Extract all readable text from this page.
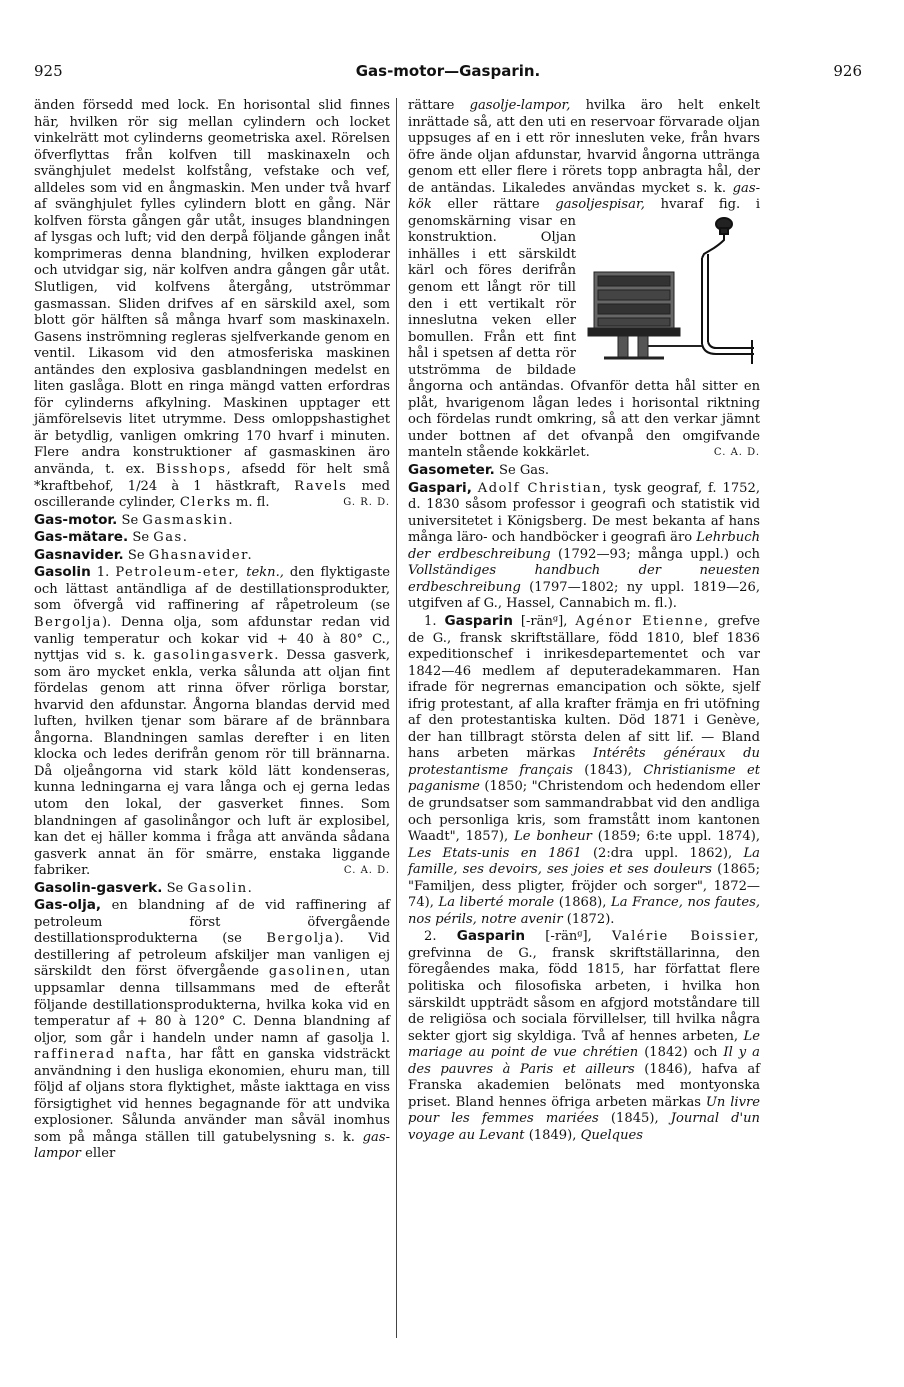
925	Gas-motor—Gasparin.	926

änden försedd med lock. En horisontal slid finnes här, hvilken rör sig mellan cylindern och locket vinkelrätt mot cylinderns geometriska axel. Rörelsen öfverflyttas från kolfven till maskinaxeln och svänghjulet medelst kolfstång, vefstake och vef, alldeles som vid en ångmaskin. Men under två hvarf af svänghjulet fylles cylindern blott en gång. När kolfven första gången går utåt, insuges blandningen af lysgas och luft; vid den derpå följande gången inåt komprimeras denna blandning, hvilken exploderar och utvidgar sig, när kolfven andra gången går utåt. Slutligen, vid kolfvens återgång, utströmmar gasmassan. Sliden drifves af en särskild axel, som blott gör hälften så många hvarf som maskinaxeln. Gasens inströmning regleras sjelfverkande genom en ventil. Likasom vid den atmosferiska maskinen antändes den explosiva gasblandningen medelst en liten gaslåga. Blott en ringa mängd vatten erfordras för cylinderns afkylning. Maskinen upptager ett jämförelsevis litet utrymme. Dess omloppshastighet är betydlig, vanligen omkring 170 hvarf i minuten. Flere andra konstruktioner af gasmaskinen äro använda, t. ex. Bisshops, afsedd för helt små *kraftbehof, 1/24 à 1 hästkraft, Ravels med oscillerande cylinder, Clerks m. fl.	G. R. D.

Gas-motor. Se Gasmaskin.

Gas-mätare. Se Gas.

Gasnavider. Se Ghasnavider.

Gasolin 1. Petroleum-eter, tekn., den flyktigaste och lättast antändliga af de destillationsprodukter, som öfvergå vid raffinering af råpetroleum (se Bergolja). Denna olja, som afdunstar redan vid vanlig temperatur och kokar vid + 40 à 80° C., nyttjas vid s. k. gasolingasverk. Dessa gasverk, som äro mycket enkla, verka sålunda att oljan fint fördelas genom att rinna öfver rörliga borstar, hvarvid den afdunstar. Ångorna blandas dervid med luften, hvilken tjenar som bärare af de brännbara ångorna. Blandningen samlas derefter i en liten klocka och ledes derifrån genom rör till brännarna. Då oljeångorna vid stark köld lätt kondenseras, kunna ledningarna ej vara långa och ej gerna ledas utom den lokal, der gasverket finnes. Som blandningen af gasolinångor och luft är explosibel, kan det ej häller komma i fråga att använda sådana gasverk annat än för smärre, enstaka liggande fabriker.	C. A. D.

Gasolin-gasverk. Se Gasolin.

Gas-olja, en blandning af de vid raffinering af petroleum först öfvergående destillationsprodukterna (se Bergolja). Vid destillering af petroleum afskiljer man vanligen ej särskildt den först öfvergående gasolinen, utan uppsamlar denna tillsammans med de efteråt följande destillationsprodukterna, hvilka koka vid en temperatur af + 80 à 120° C. Denna blandning af oljor, som går i handeln under namn af gasolja l. raffinerad nafta, har fått en ganska vidsträckt användning i den husliga ekonomien, ehuru man, till följd af oljans stora flyktighet, måste iakttaga en viss försigtighet vid hennes begagnande för att undvika explosioner. Sålunda använder man såväl inomhus som på många ställen till gatubelysning s. k. gas-lampor eller

rättare gasolje-lampor, hvilka äro helt enkelt inrättade så, att den uti en reservoar förvarade oljan uppsuges af en i ett rör innesluten veke, från hvars öfre ände oljan afdunstar, hvarvid ångorna uttränga genom ett eller flere i rörets topp anbragta hål, der de antändas. Likaledes användas mycket s. k. gas-kök eller rättare gasoljespisar, hvaraf fig. i genomskärning visar en konstruktion. Oljan inhälles i ett särskildt kärl och föres derifrån genom ett långt rör till den i ett vertikalt rör inneslutna veken eller bomullen. Från ett fint hål i spetsen af detta rör utströmma de bildade ångorna och antändas. Ofvanför detta hål sitter en plåt, hvarigenom lågan ledes i horisontal riktning och fördelas rundt omkring, så att den verkar jämnt under bottnen af det ofvanpå den omgifvande manteln stående kokkärlet.	C. A. D.

Gasometer. Se Gas.

Gaspari, Adolf Christian, tysk geograf, f. 1752, d. 1830 såsom professor i geografi och statistik vid universitetet i Königsberg. De mest bekanta af hans många läro- och handböcker i geografi äro Lehrbuch der erdbeschreibung (1792—93; många uppl.) och Vollständiges handbuch der neuesten erdbeschreibung (1797—1802; ny uppl. 1819—26, utgifven af G., Hassel, Cannabich m. fl.).

1. Gasparin [-ränᵍ], Agénor Etienne, grefve de G., fransk skriftställare, född 1810, blef 1836 expeditionschef i inrikesdepartementet och var 1842—46 medlem af deputeradekammaren. Han ifrade för negrernas emancipation och sökte, sjelf ifrig protestant, af alla krafter främja en fri utöfning af den protestantiska kulten. Död 1871 i Genève, der han tillbragt största delen af sitt lif. — Bland hans arbeten märkas Intérêts généraux du protestantisme français (1843), Christianisme et paganisme (1850; "Christendom och hedendom eller de grundsatser som sammandrabbat vid den andliga och personliga kris, som framstått inom kantonen Waadt", 1857), Le bonheur (1859; 6:te uppl. 1874), Les Etats-unis en 1861 (2:dra uppl. 1862), La famille, ses devoirs, ses joies et ses douleurs (1865; "Familjen, dess pligter, fröjder och sorger", 1872—74), La liberté morale (1868), La France, nos fautes, nos périls, notre avenir (1872).

2. Gasparin [-ränᵍ], Valérie Boissier, grefvinna de G., fransk skriftställarinna, den föregåendes maka, född 1815, har författat flere politiska och filosofiska arbeten, i hvilka hon särskildt uppträdt såsom en afgjord motståndare till de religiösa och sociala förvillelser, till hvilka några sekter gjort sig skyldiga. Två af hennes arbeten, Le mariage au point de vue chrétien (1842) och Il y a des pauvres à Paris et ailleurs (1846), hafva af Franska akademien belönats med montyonska priset. Bland hennes öfriga arbeten märkas Un livre pour les femmes mariées (1845), Journal d'un voyage au Levant (1849), Quelques
